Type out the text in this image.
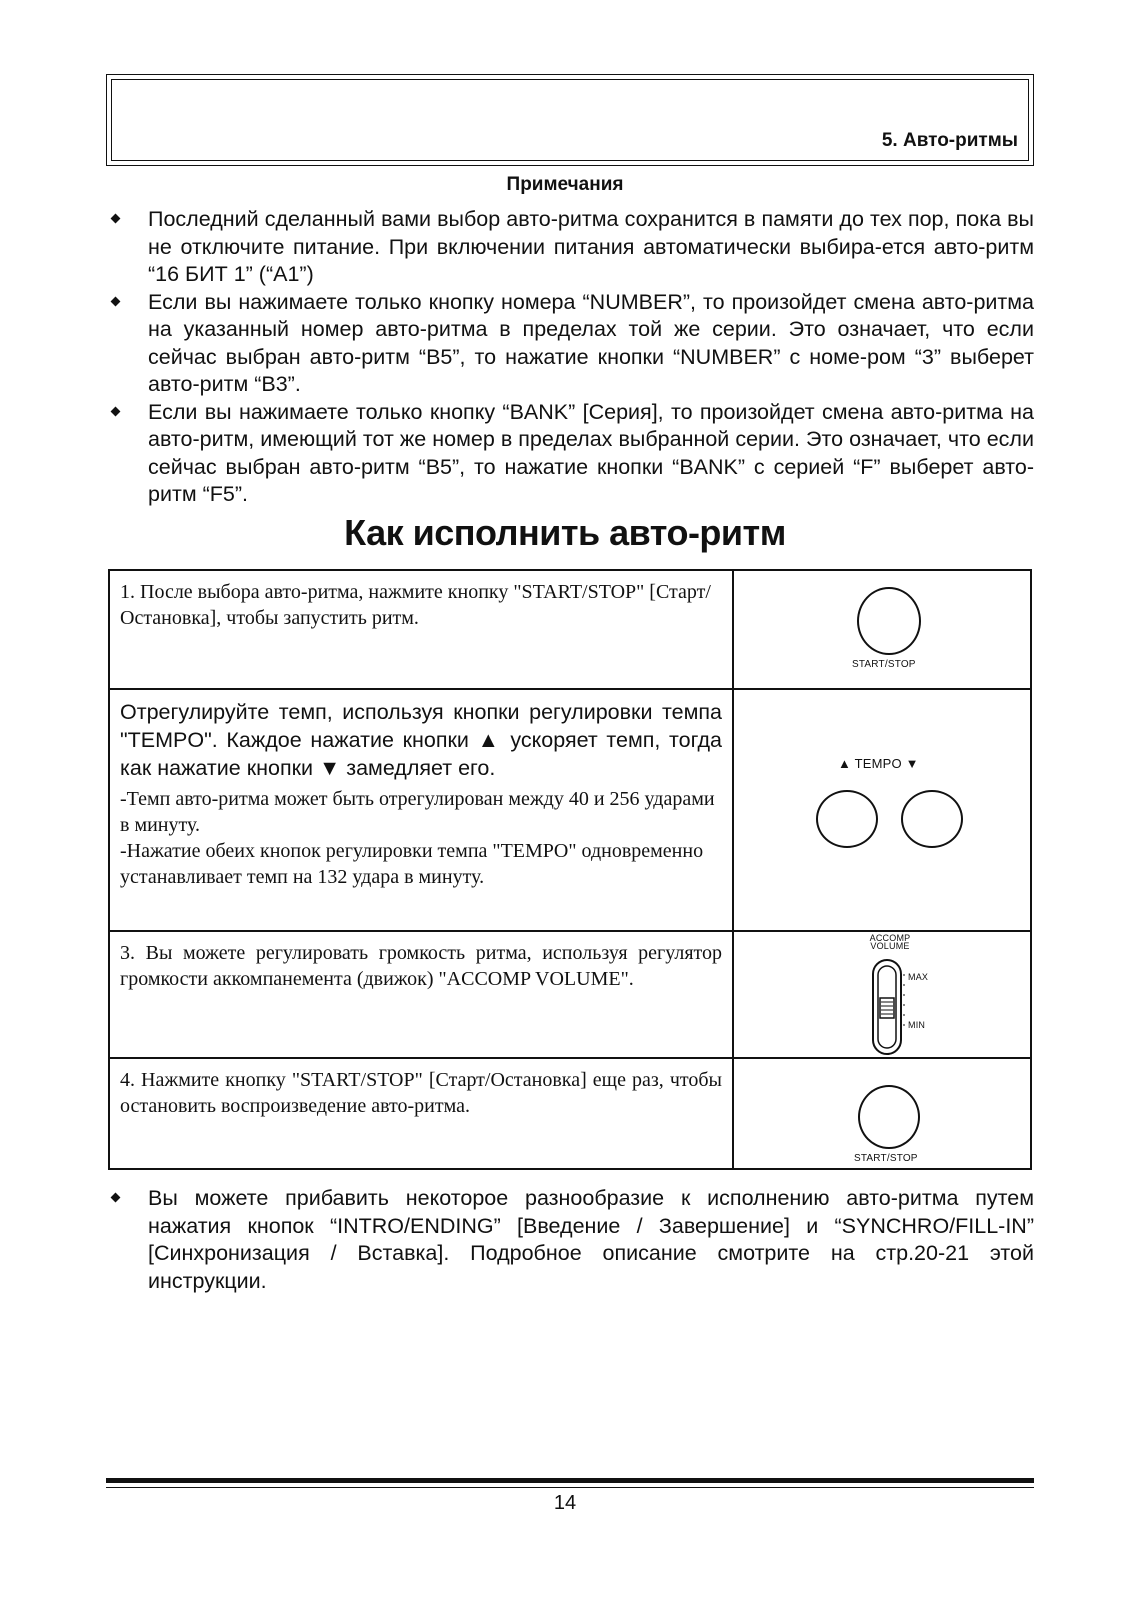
5. Авто-ритмы
Примечания
Последний сделанный вами выбор авто-ритма сохранится в памяти до тех пор, пока вы не отключите питание. При включении питания автоматически выбира-ется авто-ритм “16 БИТ 1” (“A1”)
Если вы нажимаете только кнопку номера “NUMBER”, то произойдет смена авто-ритма на указанный номер авто-ритма в пределах той же серии. Это означает, что если сейчас выбран авто-ритм “B5”, то нажатие кнопки “NUMBER” с номе-ром “3” выберет авто-ритм “B3”.
Если вы нажимаете только кнопку “BANK” [Серия], то произойдет смена авто-ритма на авто-ритм, имеющий тот же номер в пределах выбранной серии. Это означает, что если сейчас выбран авто-ритм “B5”, то нажатие кнопки “BANK” с серией “F” выберет авто-ритм “F5”.
Как исполнить авто-ритм
1. После выбора авто-ритма, нажмите кнопку "START/STOP" [Старт/Остановка], чтобы запустить ритм.	START/STOP

Отрегулируйте темп, используя кнопки регулировки темпа "TEMPO". Каждое нажатие кнопки ▲ ускоряет темп, тогда как нажатие кнопки ▼ замедляет его.
-Темп авто-ритма может быть отрегулирован между 40 и 256 ударами в минуту.
-Нажатие обеих кнопок регулировки темпа "TEMPO" одновременно устанавливает темп на 132 удара в минуту.	▲ TEMPO ▼

3. Вы можете регулировать громкость ритма, используя регулятор громкости аккомпанемента (движок) "ACCOMP VOLUME".	ACCOMP
VOLUME
MAX
MIN

4. Нажмите кнопку "START/STOP" [Старт/Остановка] еще раз, чтобы остановить воспроизведение авто-ритма.	START/STOP
Вы можете прибавить некоторое разнообразие к исполнению авто-ритма путем нажатия кнопок “INTRO/ENDING” [Введение / Завершение] и “SYNCHRO/FILL-IN” [Синхронизация / Вставка]. Подробное описание смотрите на стр.20-21 этой инструкции.
14
